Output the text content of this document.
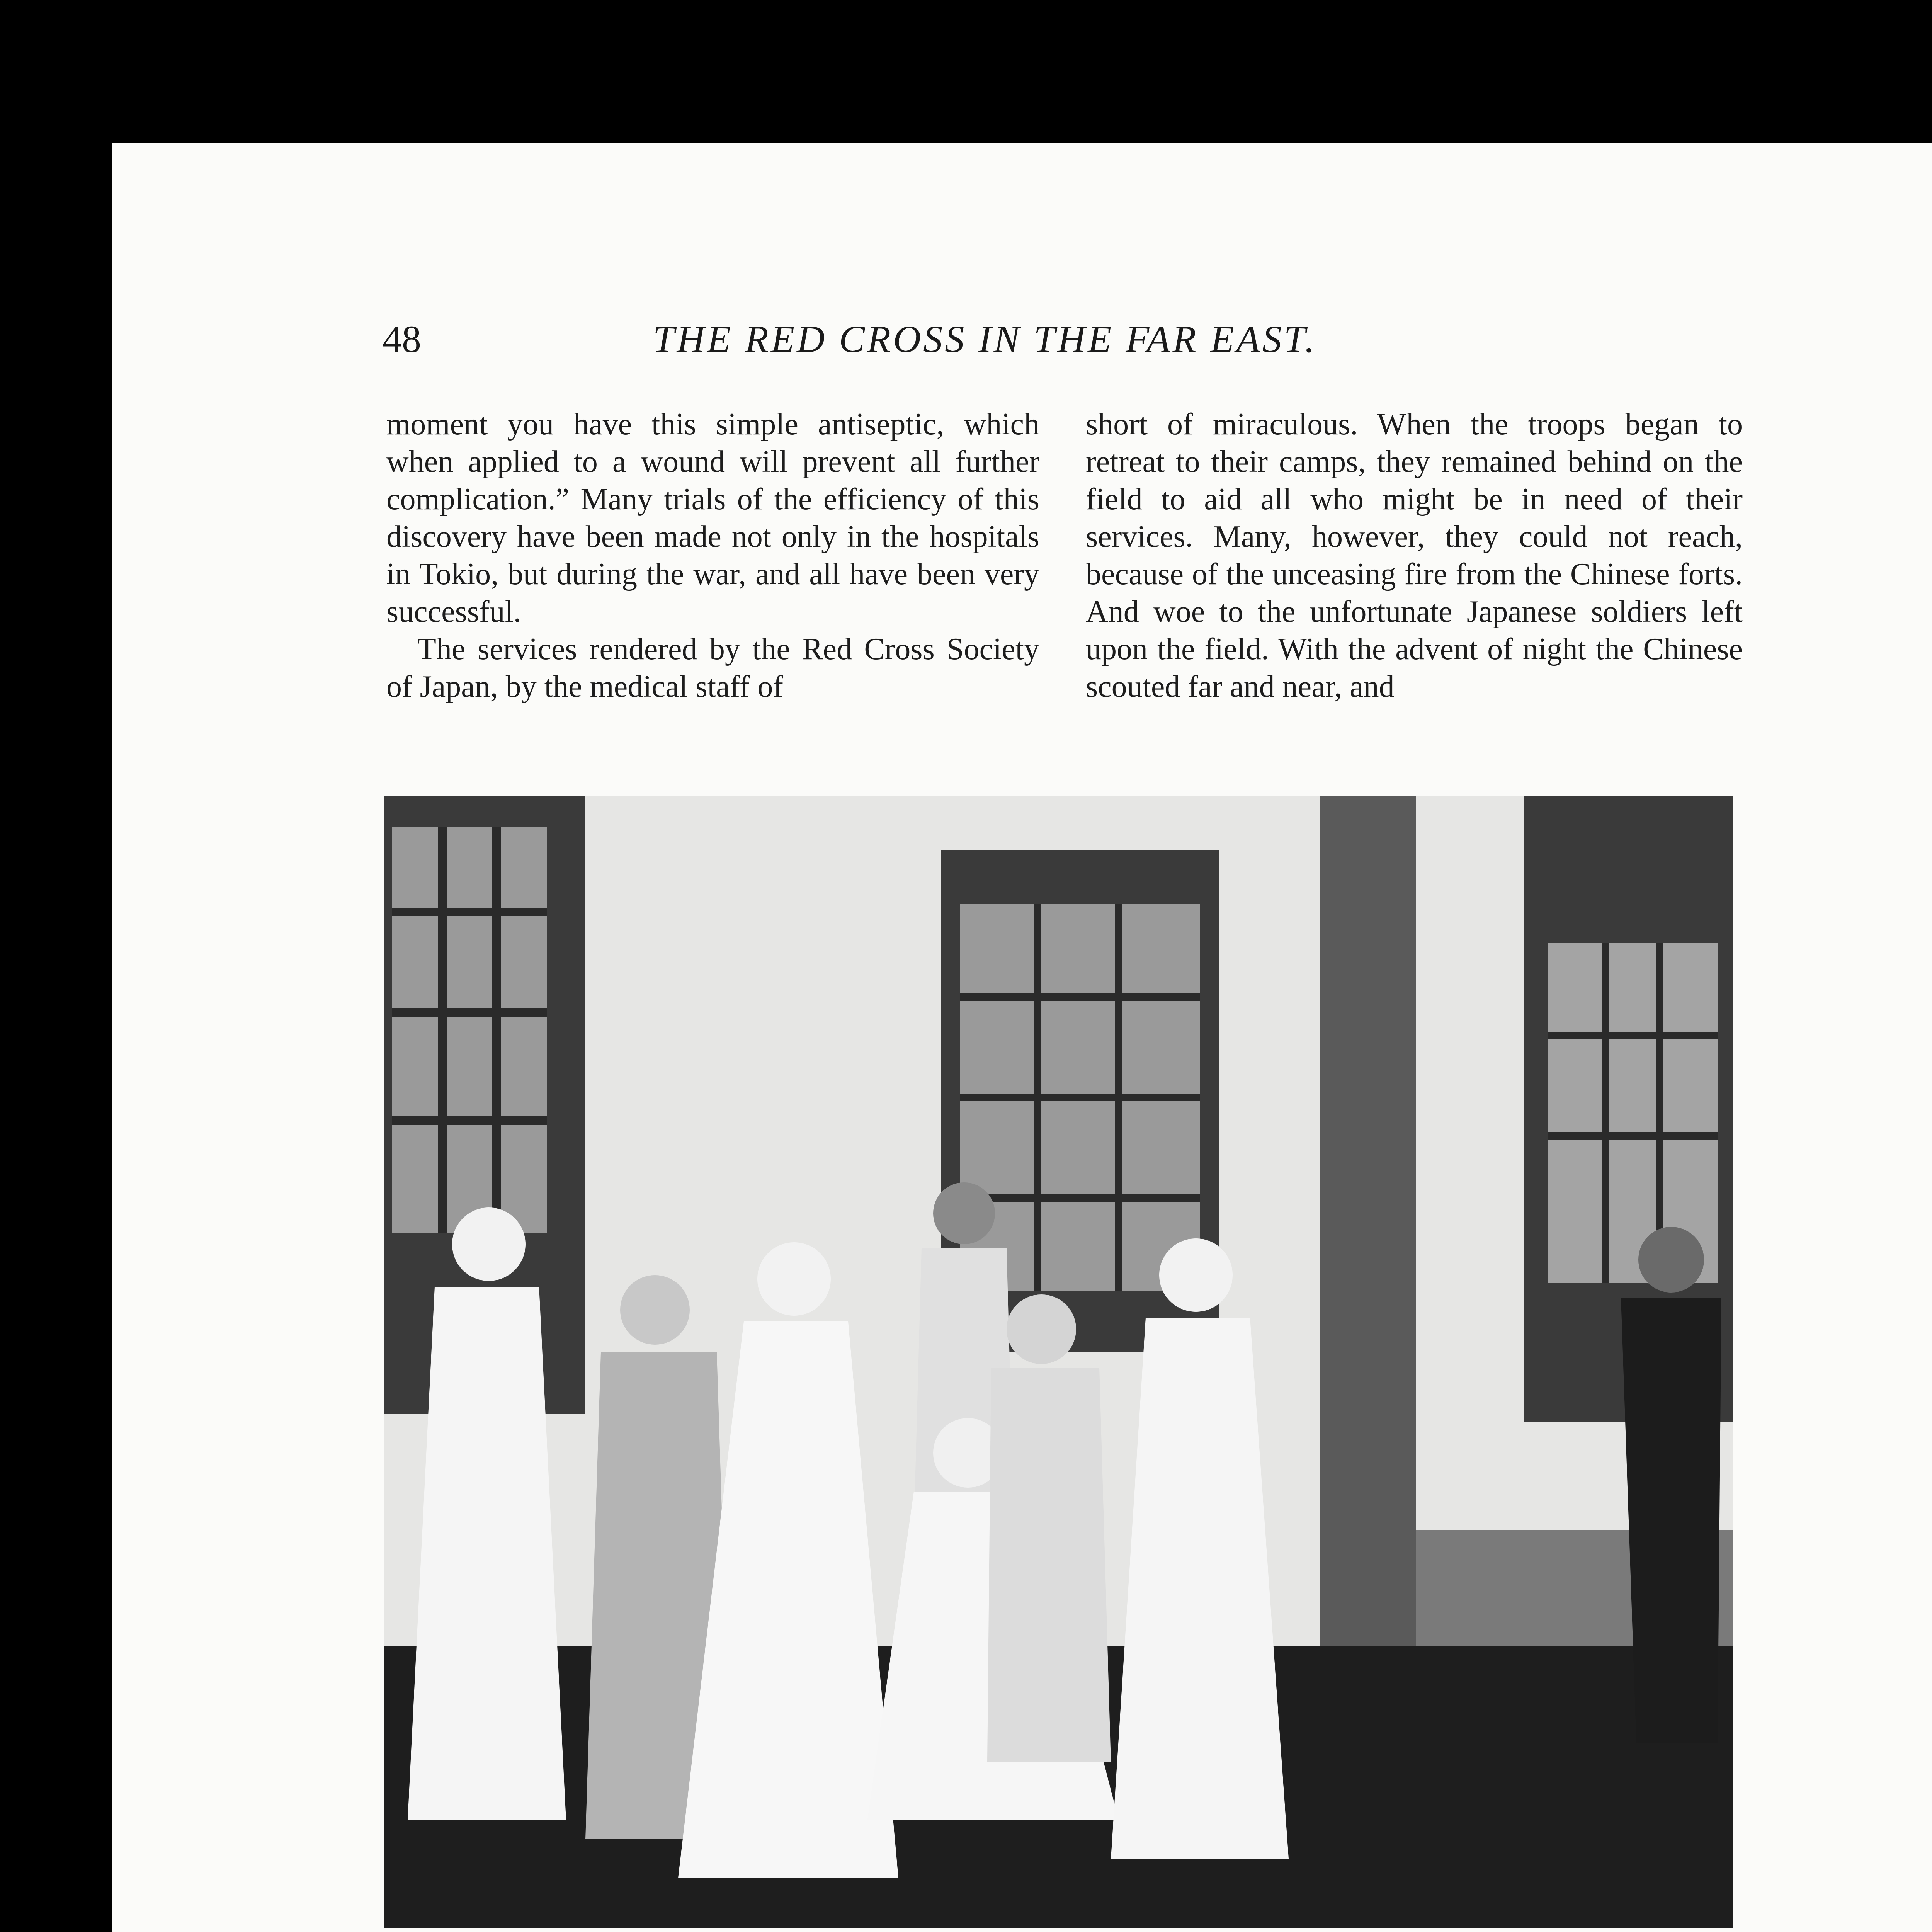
48	THE RED CROSS IN THE FAR EAST.

moment you have this simple antiseptic, which when applied to a wound will prevent all further complication.” Many trials of the efficiency of this discovery have been made not only in the hospitals in Tokio, but during the war, and all have been very successful.

The services rendered by the Red Cross Society of Japan, by the medical staff of

short of miraculous. When the troops began to retreat to their camps, they remained behind on the field to aid all who might be in need of their services. Many, however, they could not reach, because of the unceasing fire from the Chinese forts. And woe to the unfortunate Japanese soldiers left upon the field. With the advent of night the Chinese scouted far and near, and
